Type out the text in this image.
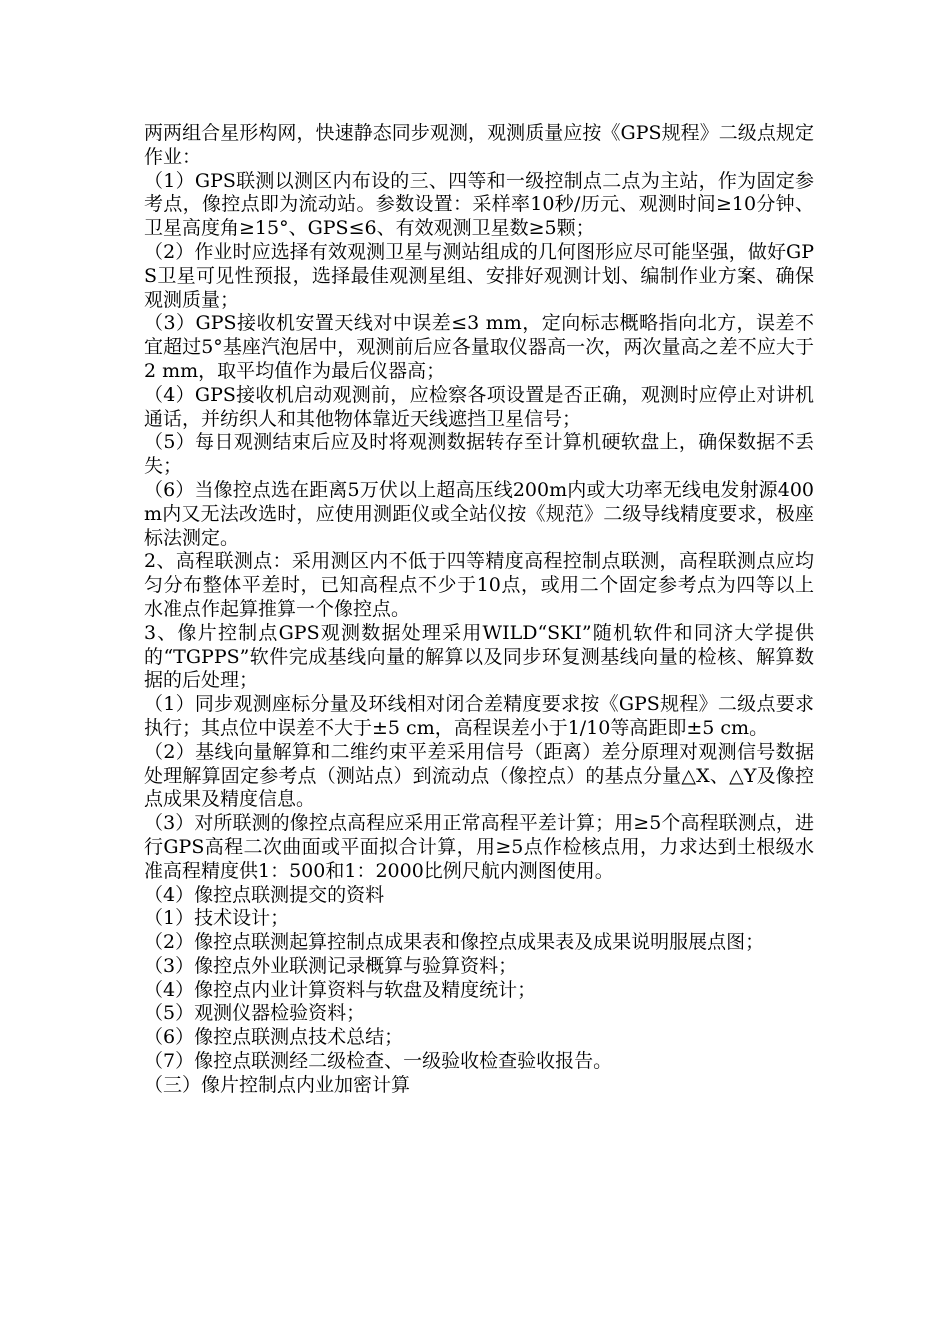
两两组合星形构网，快速静态同步观测，观测质量应按《GPS规程》二级点规定作业：

（1）GPS联测以测区内布设的三、四等和一级控制点二点为主站，作为固定参考点，像控点即为流动站。参数设置：采样率10秒/历元、观测时间≥10分钟、卫星高度角≥15°、GPS≤6、有效观测卫星数≥5颗；

（2）作业时应选择有效观测卫星与测站组成的几何图形应尽可能坚强，做好GPS卫星可见性预报，选择最佳观测星组、安排好观测计划、编制作业方案、确保观测质量；

（3）GPS接收机安置天线对中误差≤3 mm，定向标志概略指向北方，误差不宜超过5°基座汽泡居中，观测前后应各量取仪器高一次，两次量高之差不应大于2 mm，取平均值作为最后仪器高；

（4）GPS接收机启动观测前，应检察各项设置是否正确，观测时应停止对讲机通话，并纺织人和其他物体靠近天线遮挡卫星信号；

（5）每日观测结束后应及时将观测数据转存至计算机硬软盘上，确保数据不丢失；

（6）当像控点选在距离5万伏以上超高压线200m内或大功率无线电发射源400m内又无法改选时，应使用测距仪或全站仪按《规范》二级导线精度要求，极座标法测定。

2、高程联测点：采用测区内不低于四等精度高程控制点联测，高程联测点应均匀分布整体平差时，已知高程点不少于10点，或用二个固定参考点为四等以上水准点作起算推算一个像控点。

3、像片控制点GPS观测数据处理采用WILD“SKI”随机软件和同济大学提供的“TGPPS”软件完成基线向量的解算以及同步环复测基线向量的检核、解算数据的后处理；

（1）同步观测座标分量及环线相对闭合差精度要求按《GPS规程》二级点要求执行；其点位中误差不大于±5 cm，高程误差小于1/10等高距即±5 cm。

（2）基线向量解算和二维约束平差采用信号（距离）差分原理对观测信号数据处理解算固定参考点（测站点）到流动点（像控点）的基点分量△X、△Y及像控点成果及精度信息。

（3）对所联测的像控点高程应采用正常高程平差计算；用≥5个高程联测点，进行GPS高程二次曲面或平面拟合计算，用≥5点作检核点用，力求达到土根级水准高程精度供1：500和1：2000比例尺航内测图使用。

（4）像控点联测提交的资料

（1）技术设计；

（2）像控点联测起算控制点成果表和像控点成果表及成果说明服展点图；

（3）像控点外业联测记录概算与验算资料；

（4）像控点内业计算资料与软盘及精度统计；

（5）观测仪器检验资料；

（6）像控点联测点技术总结；

（7）像控点联测经二级检查、一级验收检查验收报告。

（三）像片控制点内业加密计算
